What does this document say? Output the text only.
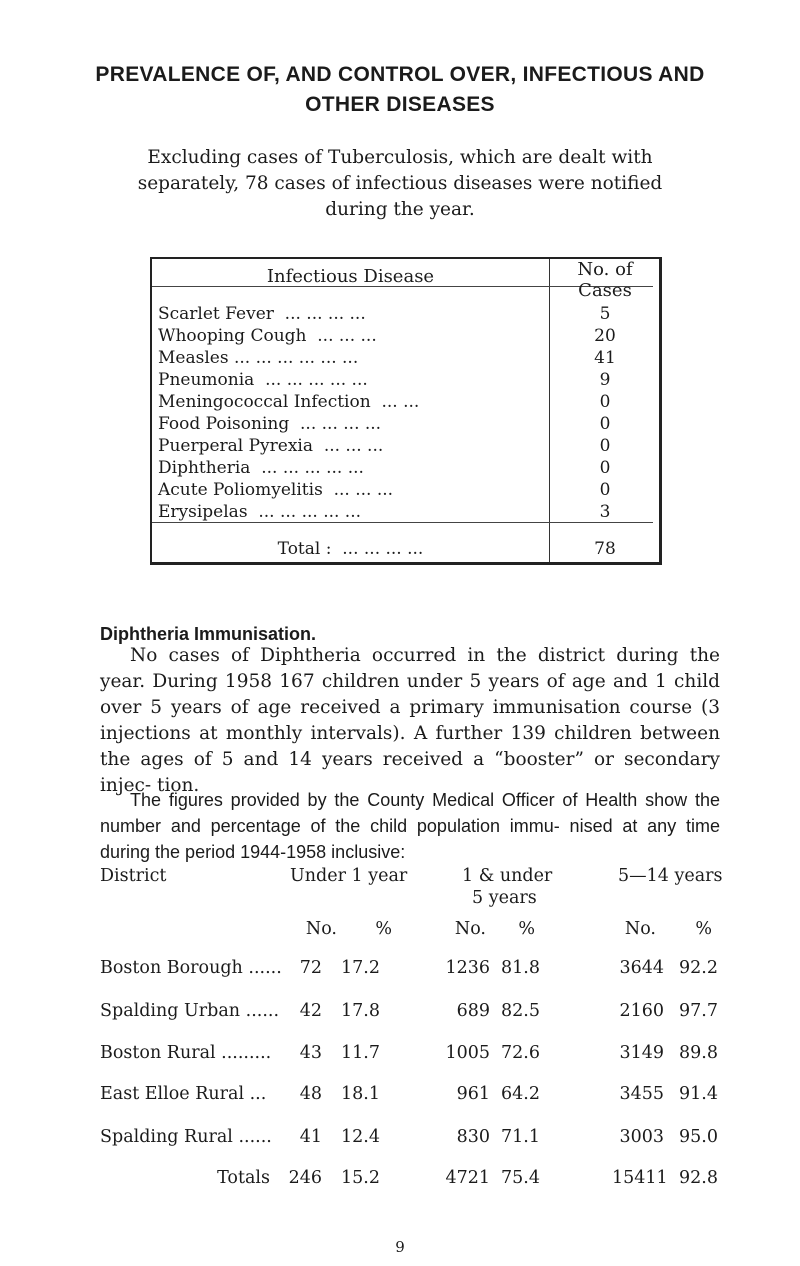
PREVALENCE OF, AND CONTROL OVER, INFECTIOUS AND OTHER DISEASES

Excluding cases of Tuberculosis, which are dealt with separately, 78 cases of infectious diseases were notified during the year.

Infectious Disease	No. of
Cases
Scarlet Fever  ... ... ... ...	5
Whooping Cough  ... ... ...	20
Measles ... ... ... ... ... ...	41
Pneumonia  ... ... ... ... ...	9
Meningococcal Infection  ... ...	0
Food Poisoning  ... ... ... ...	0
Puerperal Pyrexia  ... ... ...	0
Diphtheria  ... ... ... ... ...	0
Acute Poliomyelitis  ... ... ...	0
Erysipelas  ... ... ... ... ...	3
Total :  ... ... ... ...	78
Diphtheria Immunisation.

No cases of Diphtheria occurred in the district during the year. During 1958 167 children under 5 years of age and 1 child over 5 years of age received a primary immunisation course (3 injections at monthly intervals). A further 139 children between the ages of 5 and 14 years received a “booster” or secondary injec- tion.

The figures provided by the County Medical Officer of Health show the number and percentage of the child population immu- nised at any time during the period 1944-1958 inclusive:

District	Under 1 year	1 & under
5 years
5—14 years
No.	%	No.	%	No.	%
Boston Borough ......	72	17.2	1236 81.8	3644 92.2
Spalding Urban ......	42	17.8	689 82.5	2160 97.7
Boston Rural .........	43	11.7	1005 72.6	3149 89.8
East Elloe Rural ...	48	18.1	961 64.2	3455 91.4
Spalding Rural ......	41	12.4	830 71.1	3003 95.0
Totals	246	15.2	4721 75.4	15411 92.8
9
